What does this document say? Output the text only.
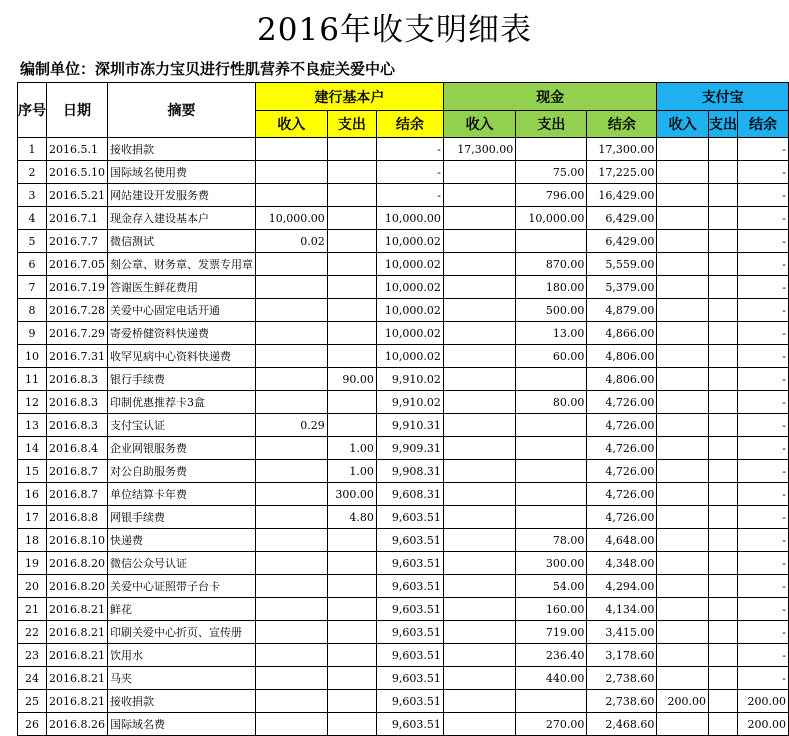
2016年收支明细表
编制单位：深圳市冻力宝贝进行性肌营养不良症关爱中心
序号	日期	摘要	建行基本户			现金			支付宝		
			收入	支出	结余	收入	支出	结余	收入	支出	结余
1	2016.5.1	接收捐款			-	17,300.00		17,300.00			-
2	2016.5.10	国际域名使用费			-		75.00	17,225.00			-
3	2016.5.21	网站建设开发服务费			-		796.00	16,429.00			-
4	2016.7.1	现金存入建设基本户	10,000.00		10,000.00		10,000.00	6,429.00			-
5	2016.7.7	微信测试	0.02		10,000.02			6,429.00			-
6	2016.7.05	刻公章、财务章、发票专用章			10,000.02		870.00	5,559.00			-
7	2016.7.19	答谢医生鲜花费用			10,000.02		180.00	5,379.00			-
8	2016.7.28	关爱中心固定电话开通			10,000.02		500.00	4,879.00			-
9	2016.7.29	寄爱桥健资料快递费			10,000.02		13.00	4,866.00			-
10	2016.7.31	收罕见病中心资料快递费			10,000.02		60.00	4,806.00			-
11	2016.8.3	银行手续费		90.00	9,910.02			4,806.00			-
12	2016.8.3	印制优惠推荐卡3盒			9,910.02		80.00	4,726.00			-
13	2016.8.3	支付宝认证	0.29		9,910.31			4,726.00			-
14	2016.8.4	企业网银服务费		1.00	9,909.31			4,726.00			-
15	2016.8.7	对公自助服务费		1.00	9,908.31			4,726.00			-
16	2016.8.7	单位结算卡年费		300.00	9,608.31			4,726.00			-
17	2016.8.8	网银手续费		4.80	9,603.51			4,726.00			-
18	2016.8.10	快递费			9,603.51		78.00	4,648.00			-
19	2016.8.20	微信公众号认证			9,603.51		300.00	4,348.00			-
20	2016.8.20	关爱中心证照带子台卡			9,603.51		54.00	4,294.00			-
21	2016.8.21	鲜花			9,603.51		160.00	4,134.00			-
22	2016.8.21	印刷关爱中心折页、宣传册			9,603.51		719.00	3,415.00			-
23	2016.8.21	饮用水			9,603.51		236.40	3,178.60			-
24	2016.8.21	马夹			9,603.51		440.00	2,738.60			-
25	2016.8.21	接收捐款			9,603.51			2,738.60	200.00		200.00
26	2016.8.26	国际域名费			9,603.51		270.00	2,468.60			200.00
